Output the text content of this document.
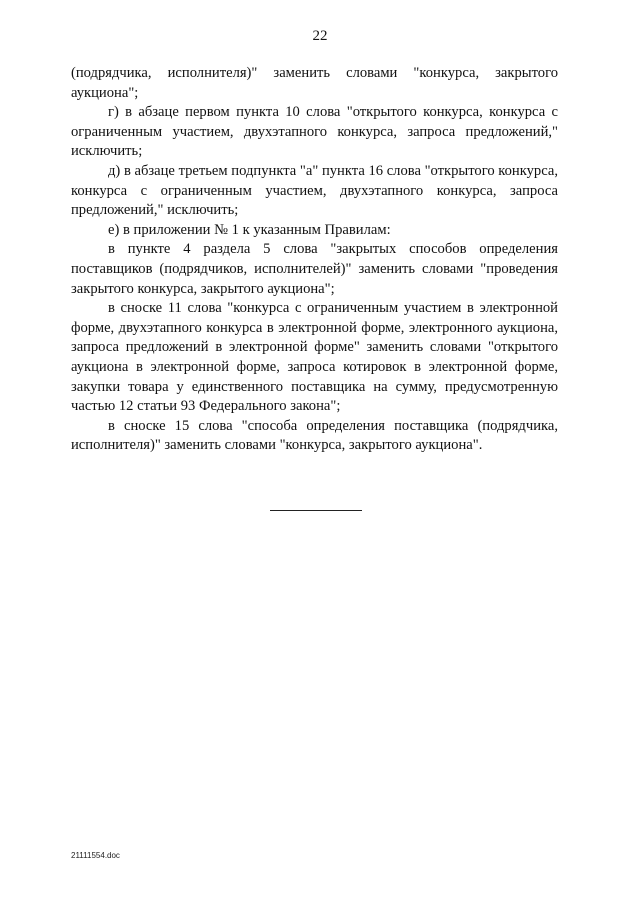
22

(подрядчика, исполнителя)" заменить словами "конкурса, закрытого аукциона";

г) в абзаце первом пункта 10 слова "открытого конкурса, конкурса с ограниченным участием, двухэтапного конкурса, запроса предложений," исключить;

д) в абзаце третьем подпункта "а" пункта 16 слова "открытого конкурса, конкурса с ограниченным участием, двухэтапного конкурса, запроса предложений," исключить;

е) в приложении № 1 к указанным Правилам:

в пункте 4 раздела 5 слова "закрытых способов определения поставщиков (подрядчиков, исполнителей)" заменить словами "проведения закрытого конкурса, закрытого аукциона";

в сноске 11 слова "конкурса с ограниченным участием в электронной форме, двухэтапного конкурса в электронной форме, электронного аукциона, запроса предложений в электронной форме" заменить словами "открытого аукциона в электронной форме, запроса котировок в электронной форме, закупки товара у единственного поставщика на сумму, предусмотренную частью 12 статьи 93 Федерального закона";

в сноске 15 слова "способа определения поставщика (подрядчика, исполнителя)" заменить словами "конкурса, закрытого аукциона".

21111554.doc
